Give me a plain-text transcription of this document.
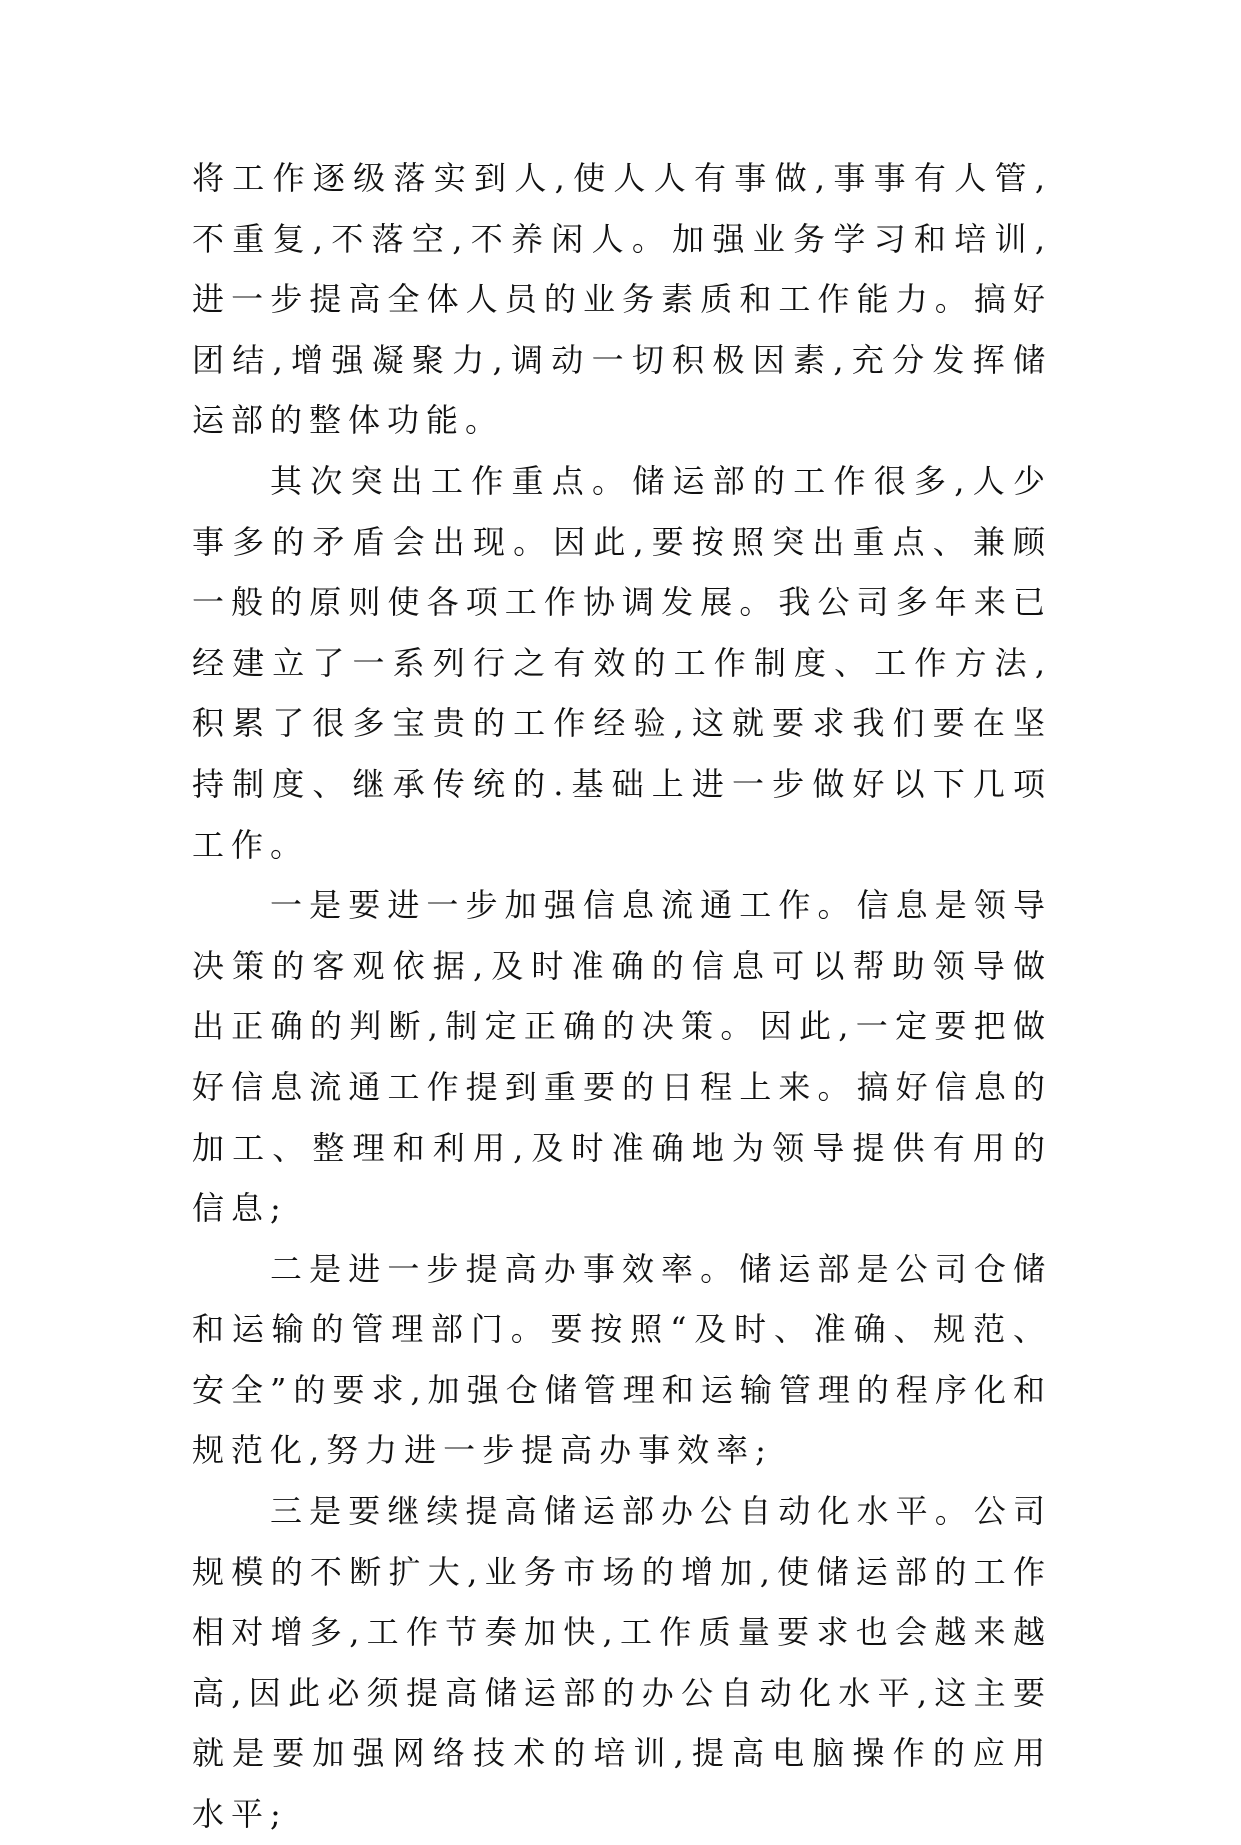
将工作逐级落实到人,使人人有事做,事事有人管,不重复,不落空,不养闲人。加强业务学习和培训,进一步提高全体人员的业务素质和工作能力。搞好团结,增强凝聚力,调动一切积极因素,充分发挥储运部的整体功能。

其次突出工作重点。储运部的工作很多,人少事多的矛盾会出现。因此,要按照突出重点、兼顾一般的原则使各项工作协调发展。我公司多年来已经建立了一系列行之有效的工作制度、工作方法,积累了很多宝贵的工作经验,这就要求我们要在坚持制度、继承传统的.基础上进一步做好以下几项工作。

一是要进一步加强信息流通工作。信息是领导决策的客观依据,及时准确的信息可以帮助领导做出正确的判断,制定正确的决策。因此,一定要把做好信息流通工作提到重要的日程上来。搞好信息的加工、整理和利用,及时准确地为领导提供有用的信息;

二是进一步提高办事效率。储运部是公司仓储和运输的管理部门。要按照“及时、准确、规范、安全”的要求,加强仓储管理和运输管理的程序化和规范化,努力进一步提高办事效率;

三是要继续提高储运部办公自动化水平。公司规模的不断扩大,业务市场的增加,使储运部的工作相对增多,工作节奏加快,工作质量要求也会越来越高,因此必须提高储运部的办公自动化水平,这主要就是要加强网络技术的培训,提高电脑操作的应用水平;
